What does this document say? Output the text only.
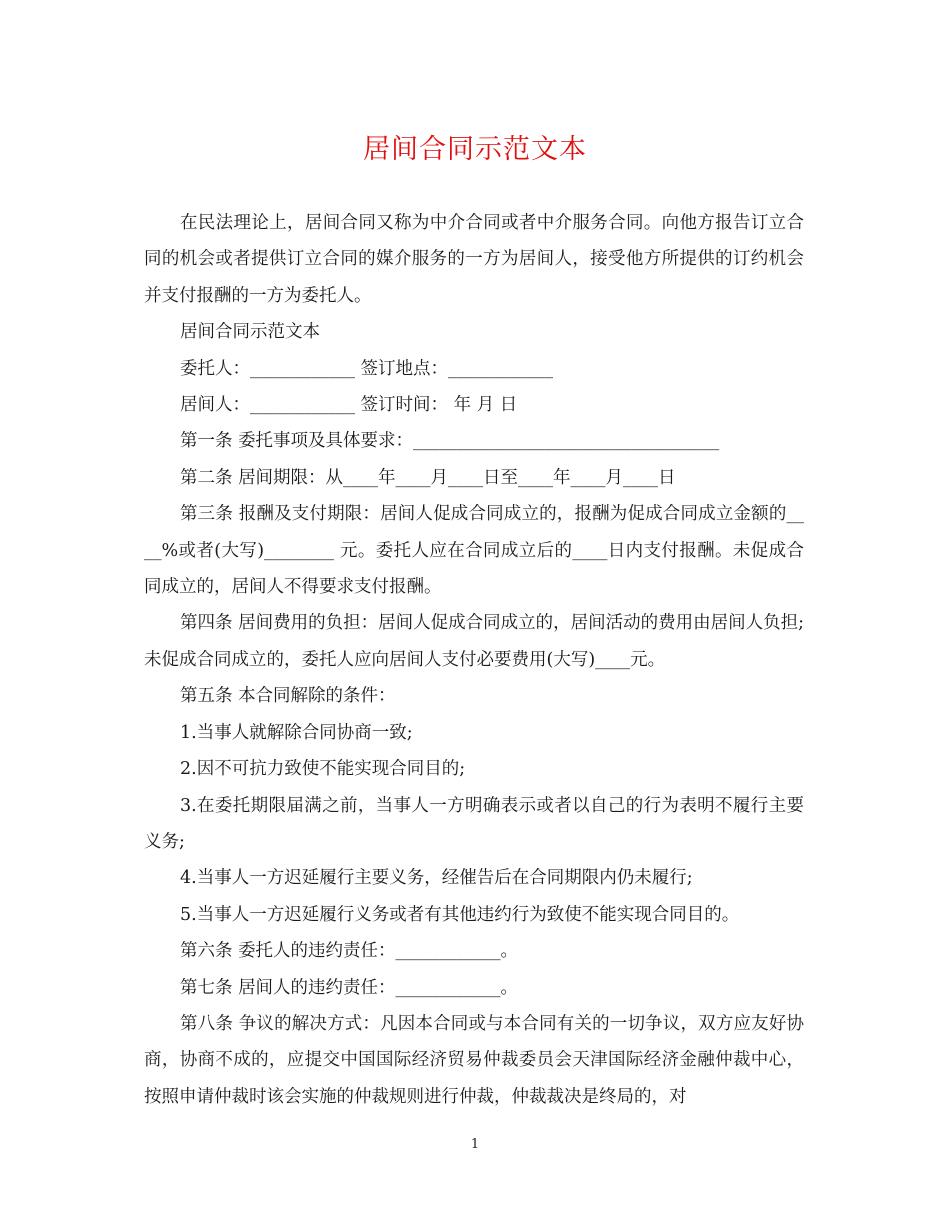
居间合同示范文本

在民法理论上，居间合同又称为中介合同或者中介服务合同。向他方报告订立合同的机会或者提供订立合同的媒介服务的一方为居间人，接受他方所提供的订约机会并支付报酬的一方为委托人。

居间合同示范文本

委托人：____________ 签订地点：____________

居间人：____________ 签订时间： 年 月 日

第一条 委托事项及具体要求：___________________________________

第二条 居间期限：从____年____月____日至____年____月____日

第三条 报酬及支付期限：居间人促成合同成立的，报酬为促成合同成立金额的____%或者(大写)________ 元。委托人应在合同成立后的____日内支付报酬。未促成合同成立的，居间人不得要求支付报酬。

第四条 居间费用的负担：居间人促成合同成立的，居间活动的费用由居间人负担;未促成合同成立的，委托人应向居间人支付必要费用(大写)____元。

第五条 本合同解除的条件：

1.当事人就解除合同协商一致;

2.因不可抗力致使不能实现合同目的;

3.在委托期限届满之前，当事人一方明确表示或者以自己的行为表明不履行主要义务;

4.当事人一方迟延履行主要义务，经催告后在合同期限内仍未履行;

5.当事人一方迟延履行义务或者有其他违约行为致使不能实现合同目的。

第六条 委托人的违约责任：____________。

第七条 居间人的违约责任：____________。

第八条 争议的解决方式：凡因本合同或与本合同有关的一切争议，双方应友好协商，协商不成的，应提交中国国际经济贸易仲裁委员会天津国际经济金融仲裁中心，按照申请仲裁时该会实施的仲裁规则进行仲裁，仲裁裁决是终局的，对

1
